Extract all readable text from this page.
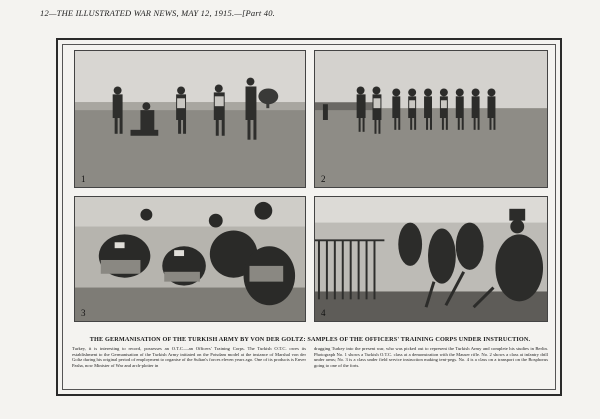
12—THE ILLUSTRATED WAR NEWS, MAY 12, 1915.—[Part 40.
1	2
3	4
THE GERMANISATION OF THE TURKISH ARMY BY VON DER GOLTZ: SAMPLES OF THE OFFICERS' TRAINING CORPS UNDER INSTRUCTION.
Turkey, it is interesting to record, possesses an O.T.C.—an Officers' Training Corps. The Turkish O.T.C. owes its establishment to the Germanisation of the Turkish Army initiated on the Potsdam model at the instance of Marshal von der Goltz during his original period of employment to organise of the Sultan's forces eleven years ago. One of its products is Enver Pasha, now Minister of War and arch-plotter in
dragging Turkey into the present war, who was picked out to represent the Turkish Army and complete his studies in Berlin. Photograph No. 1 shows a Turkish O.T.C. class at a demonstration with the Mauser rifle. No. 2 shows a class at infantry drill under arms; No. 3 is a class under field service instruction making tent-pegs. No. 4 is a class on a transport on the Bosphorus going to one of the forts.
